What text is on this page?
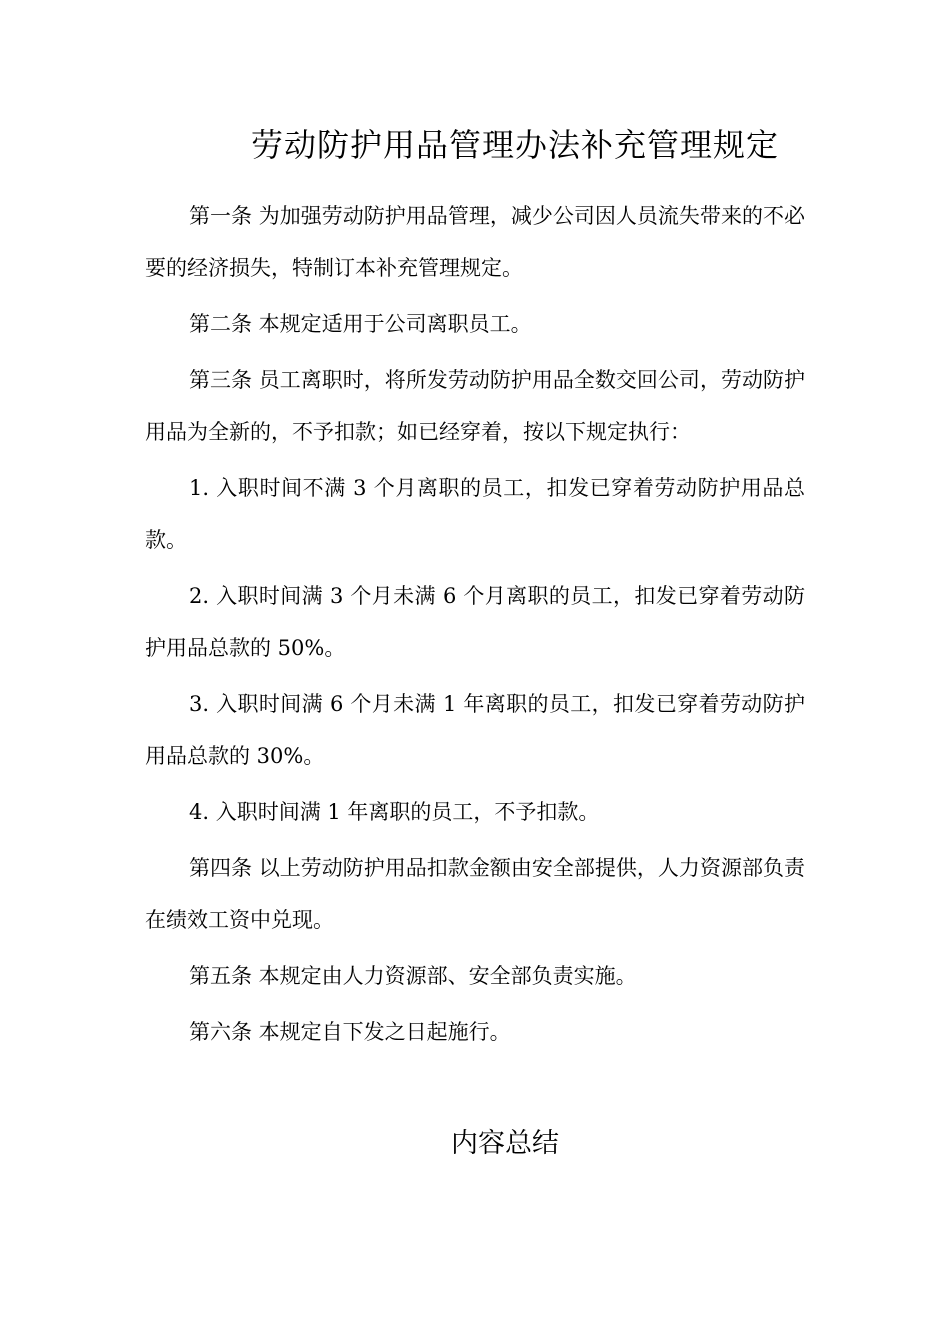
劳动防护用品管理办法补充管理规定

第一条 为加强劳动防护用品管理，减少公司因人员流失带来的不必要的经济损失，特制订本补充管理规定。

第二条 本规定适用于公司离职员工。

第三条 员工离职时，将所发劳动防护用品全数交回公司，劳动防护用品为全新的，不予扣款；如已经穿着，按以下规定执行：

1. 入职时间不满 3 个月离职的员工，扣发已穿着劳动防护用品总款。

2. 入职时间满 3 个月未满 6 个月离职的员工，扣发已穿着劳动防护用品总款的 50%。

3. 入职时间满 6 个月未满 1 年离职的员工，扣发已穿着劳动防护用品总款的 30%。

4. 入职时间满 1 年离职的员工，不予扣款。

第四条 以上劳动防护用品扣款金额由安全部提供，人力资源部负责在绩效工资中兑现。

第五条 本规定由人力资源部、安全部负责实施。

第六条 本规定自下发之日起施行。

内容总结
